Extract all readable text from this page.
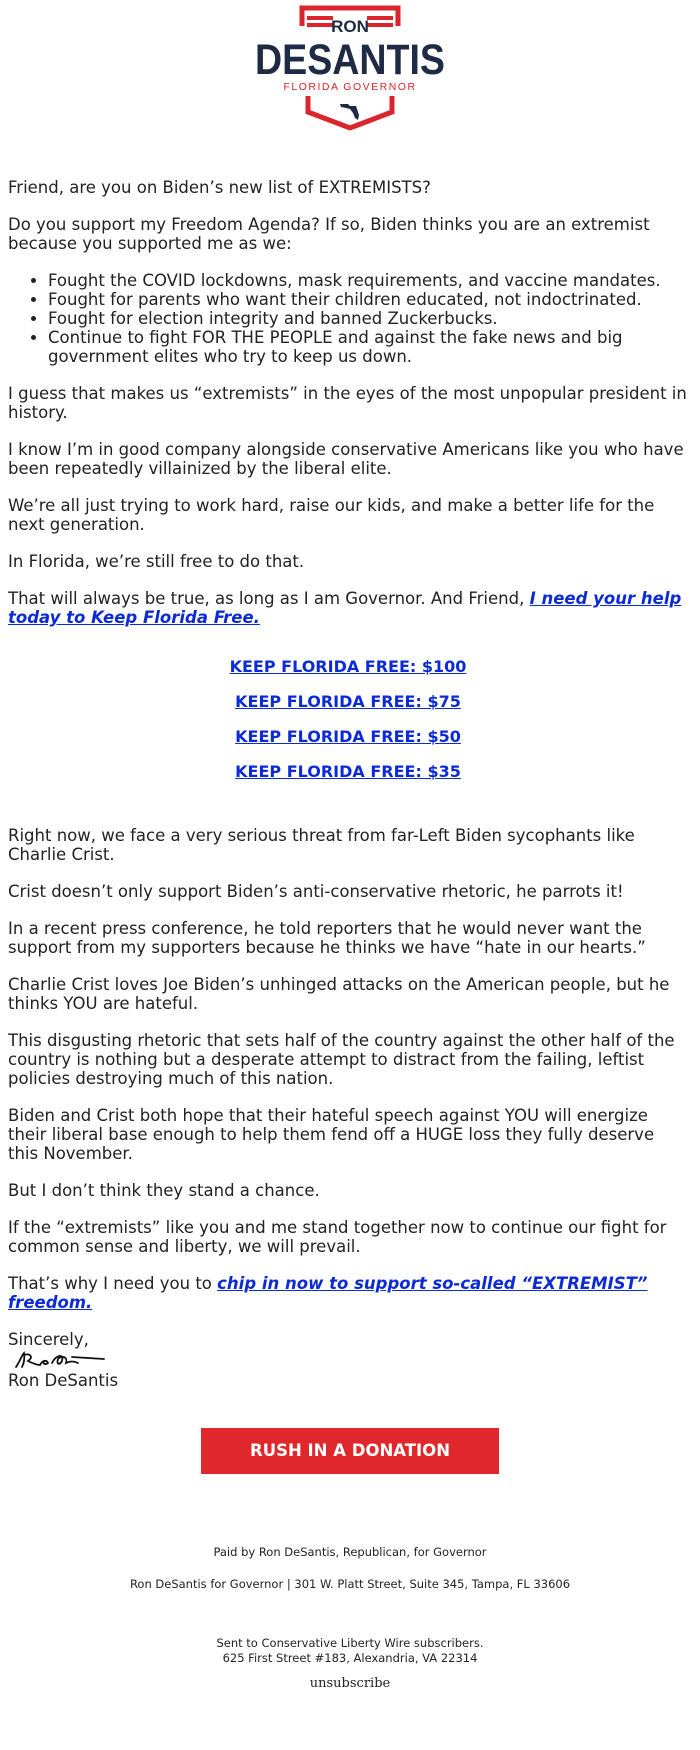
RON
DESANTIS
FLORIDA GOVERNOR

Friend, are you on Biden’s new list of EXTREMISTS?

Do you support my Freedom Agenda? If so, Biden thinks you are an extremist because you supported me as we:

• Fought the COVID lockdowns, mask requirements, and vaccine mandates.
• Fought for parents who want their children educated, not indoctrinated.
• Fought for election integrity and banned Zuckerbucks.
• Continue to fight FOR THE PEOPLE and against the fake news and big government elites who try to keep us down.

I guess that makes us “extremists” in the eyes of the most unpopular president in history.

I know I’m in good company alongside conservative Americans like you who have been repeatedly villainized by the liberal elite.

We’re all just trying to work hard, raise our kids, and make a better life for the next generation.

In Florida, we’re still free to do that.

That will always be true, as long as I am Governor. And Friend, I need your help today to Keep Florida Free.

KEEP FLORIDA FREE: $100
KEEP FLORIDA FREE: $75
KEEP FLORIDA FREE: $50
KEEP FLORIDA FREE: $35

Right now, we face a very serious threat from far-Left Biden sycophants like Charlie Crist.

Crist doesn’t only support Biden’s anti-conservative rhetoric, he parrots it!

In a recent press conference, he told reporters that he would never want the support from my supporters because he thinks we have “hate in our hearts.”

Charlie Crist loves Joe Biden’s unhinged attacks on the American people, but he thinks YOU are hateful.

This disgusting rhetoric that sets half of the country against the other half of the country is nothing but a desperate attempt to distract from the failing, leftist policies destroying much of this nation.

Biden and Crist both hope that their hateful speech against YOU will energize their liberal base enough to help them fend off a HUGE loss they fully deserve this November.

But I don’t think they stand a chance.

If the “extremists” like you and me stand together now to continue our fight for common sense and liberty, we will prevail.

That’s why I need you to chip in now to support so-called “EXTREMIST” freedom.

Sincerely,

Ron DeSantis

RUSH IN A DONATION
Paid by Ron DeSantis, Republican, for Governor
Ron DeSantis for Governor | 301 W. Platt Street, Suite 345, Tampa, FL 33606
Sent to Conservative Liberty Wire subscribers.
625 First Street #183, Alexandria, VA 22314
unsubscribe
